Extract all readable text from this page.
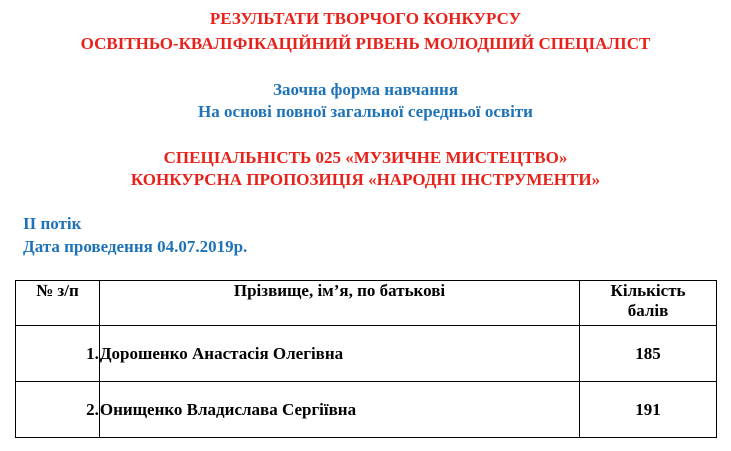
РЕЗУЛЬТАТИ ТВОРЧОГО КОНКУРСУ
ОСВІТНЬО-КВАЛІФІКАЦІЙНИЙ РІВЕНЬ МОЛОДШИЙ СПЕЦІАЛІСТ
Заочна форма навчання
На основі повної загальної середньої освіти
СПЕЦІАЛЬНІСТЬ 025 «МУЗИЧНЕ МИСТЕЦТВО»
КОНКУРСНА ПРОПОЗИЦІЯ «НАРОДНІ ІНСТРУМЕНТИ»
ІІ потік
Дата проведення 04.07.2019р.
№ з/п	Прізвище, ім’я, по батькові	Кількість
балів

1.	Дорошенко Анастасія Олегівна	185
2.	Онищенко Владислава Сергіївна	191
